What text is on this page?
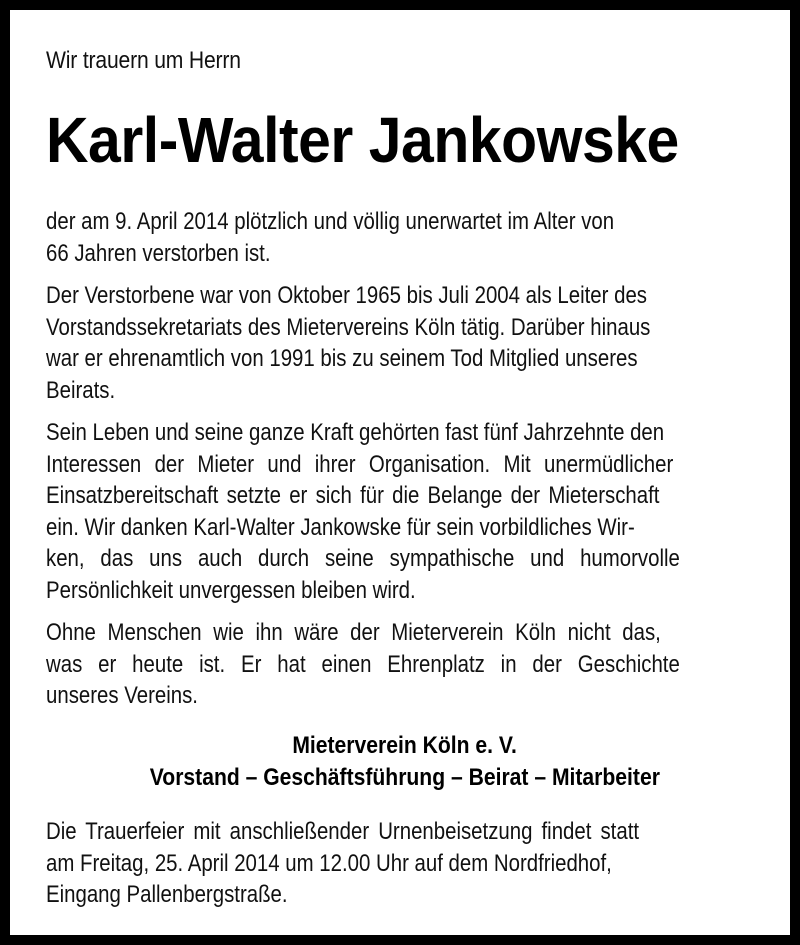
Wir trauern um Herrn
Karl-Walter Jankowske
der am 9. April 2014 plötzlich und völlig unerwartet im Alter von
66 Jahren verstorben ist.
Der Verstorbene war von Oktober 1965 bis Juli 2004 als Leiter des
Vorstandssekretariats des Mietervereins Köln tätig. Darüber hinaus
war er ehrenamtlich von 1991 bis zu seinem Tod Mitglied unseres
Beirats.
Sein Leben und seine ganze Kraft gehörten fast fünf Jahrzehnte den
Interessen der Mieter und ihrer Organisation. Mit unermüdlicher
Einsatzbereitschaft setzte er sich für die Belange der Mieterschaft
ein. Wir danken Karl-Walter Jankowske für sein vorbildliches Wir-
ken, das uns auch durch seine sympathische und humorvolle
Persönlichkeit unvergessen bleiben wird.
Ohne Menschen wie ihn wäre der Mieterverein Köln nicht das,
was er heute ist. Er hat einen Ehrenplatz in der Geschichte
unseres Vereins.
Mieterverein Köln e. V.
Vorstand – Geschäftsführung – Beirat – Mitarbeiter
Die Trauerfeier mit anschließender Urnenbeisetzung findet statt
am Freitag, 25. April 2014 um 12.00 Uhr auf dem Nordfriedhof,
Eingang Pallenbergstraße.
